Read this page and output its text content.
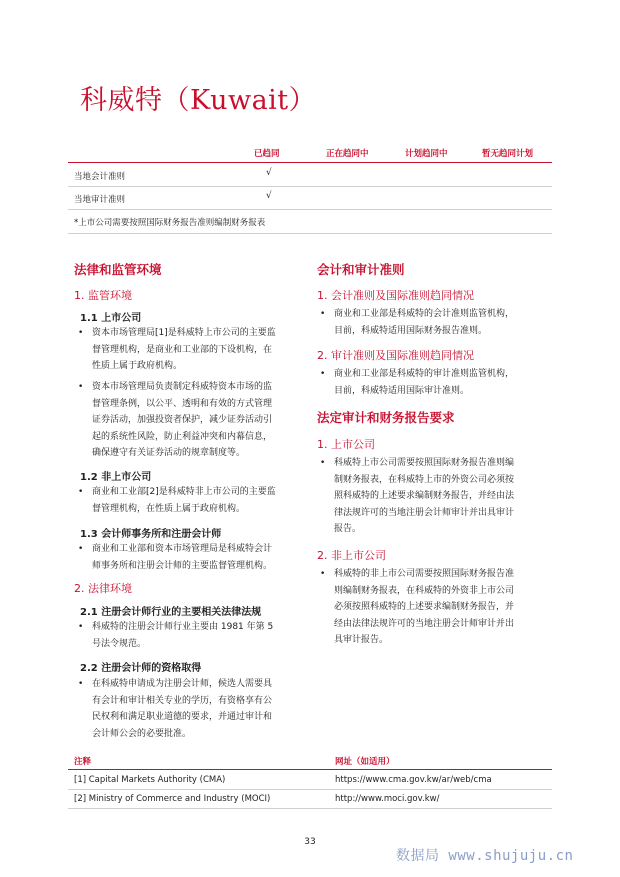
科威特（Kuwait）
已趋同	正在趋同中	计划趋同中	暂无趋同计划
当地会计准则	√
当地审计准则	√
*上市公司需要按照国际财务报告准则编制财务报表
法律和监管环境
1. 监管环境
1.1 上市公司
• 资本市场管理局[1]是科威特上市公司的主要监
督管理机构，是商业和工业部的下设机构，在
性质上属于政府机构。
• 资本市场管理局负责制定科威特资本市场的监
督管理条例，以公平、透明和有效的方式管理
证券活动，加强投资者保护，减少证券活动引
起的系统性风险，防止利益冲突和内幕信息，
确保遵守有关证券活动的规章制度等。
1.2 非上市公司
• 商业和工业部[2]是科威特非上市公司的主要监
督管理机构，在性质上属于政府机构。
1.3 会计师事务所和注册会计师
• 商业和工业部和资本市场管理局是科威特会计
师事务所和注册会计师的主要监督管理机构。
2. 法律环境
2.1 注册会计师行业的主要相关法律法规
• 科威特的注册会计师行业主要由 1981 年第 5
号法令规范。
2.2 注册会计师的资格取得
• 在科威特申请成为注册会计师，候选人需要具
有会计和审计相关专业的学历，有资格享有公
民权利和满足职业道德的要求，并通过审计和
会计师公会的必要批准。
会计和审计准则
1. 会计准则及国际准则趋同情况
• 商业和工业部是科威特的会计准则监管机构，
目前，科威特适用国际财务报告准则。
2. 审计准则及国际准则趋同情况
• 商业和工业部是科威特的审计准则监管机构，
目前，科威特适用国际审计准则。
法定审计和财务报告要求
1. 上市公司
• 科威特上市公司需要按照国际财务报告准则编
制财务报表，在科威特上市的外资公司必须按
照科威特的上述要求编制财务报告，并经由法
律法规许可的当地注册会计师审计并出具审计
报告。
2. 非上市公司
• 科威特的非上市公司需要按照国际财务报告准
则编制财务报表，在科威特的外资非上市公司
必须按照科威特的上述要求编制财务报告，并
经由法律法规许可的当地注册会计师审计并出
具审计报告。
注释	网址（如适用）
[1] Capital Markets Authority (CMA)	https://www.cma.gov.kw/ar/web/cma
[2] Ministry of Commerce and Industry (MOCI)	http://www.moci.gov.kw/
33
数据局 www.shujuju.cn
